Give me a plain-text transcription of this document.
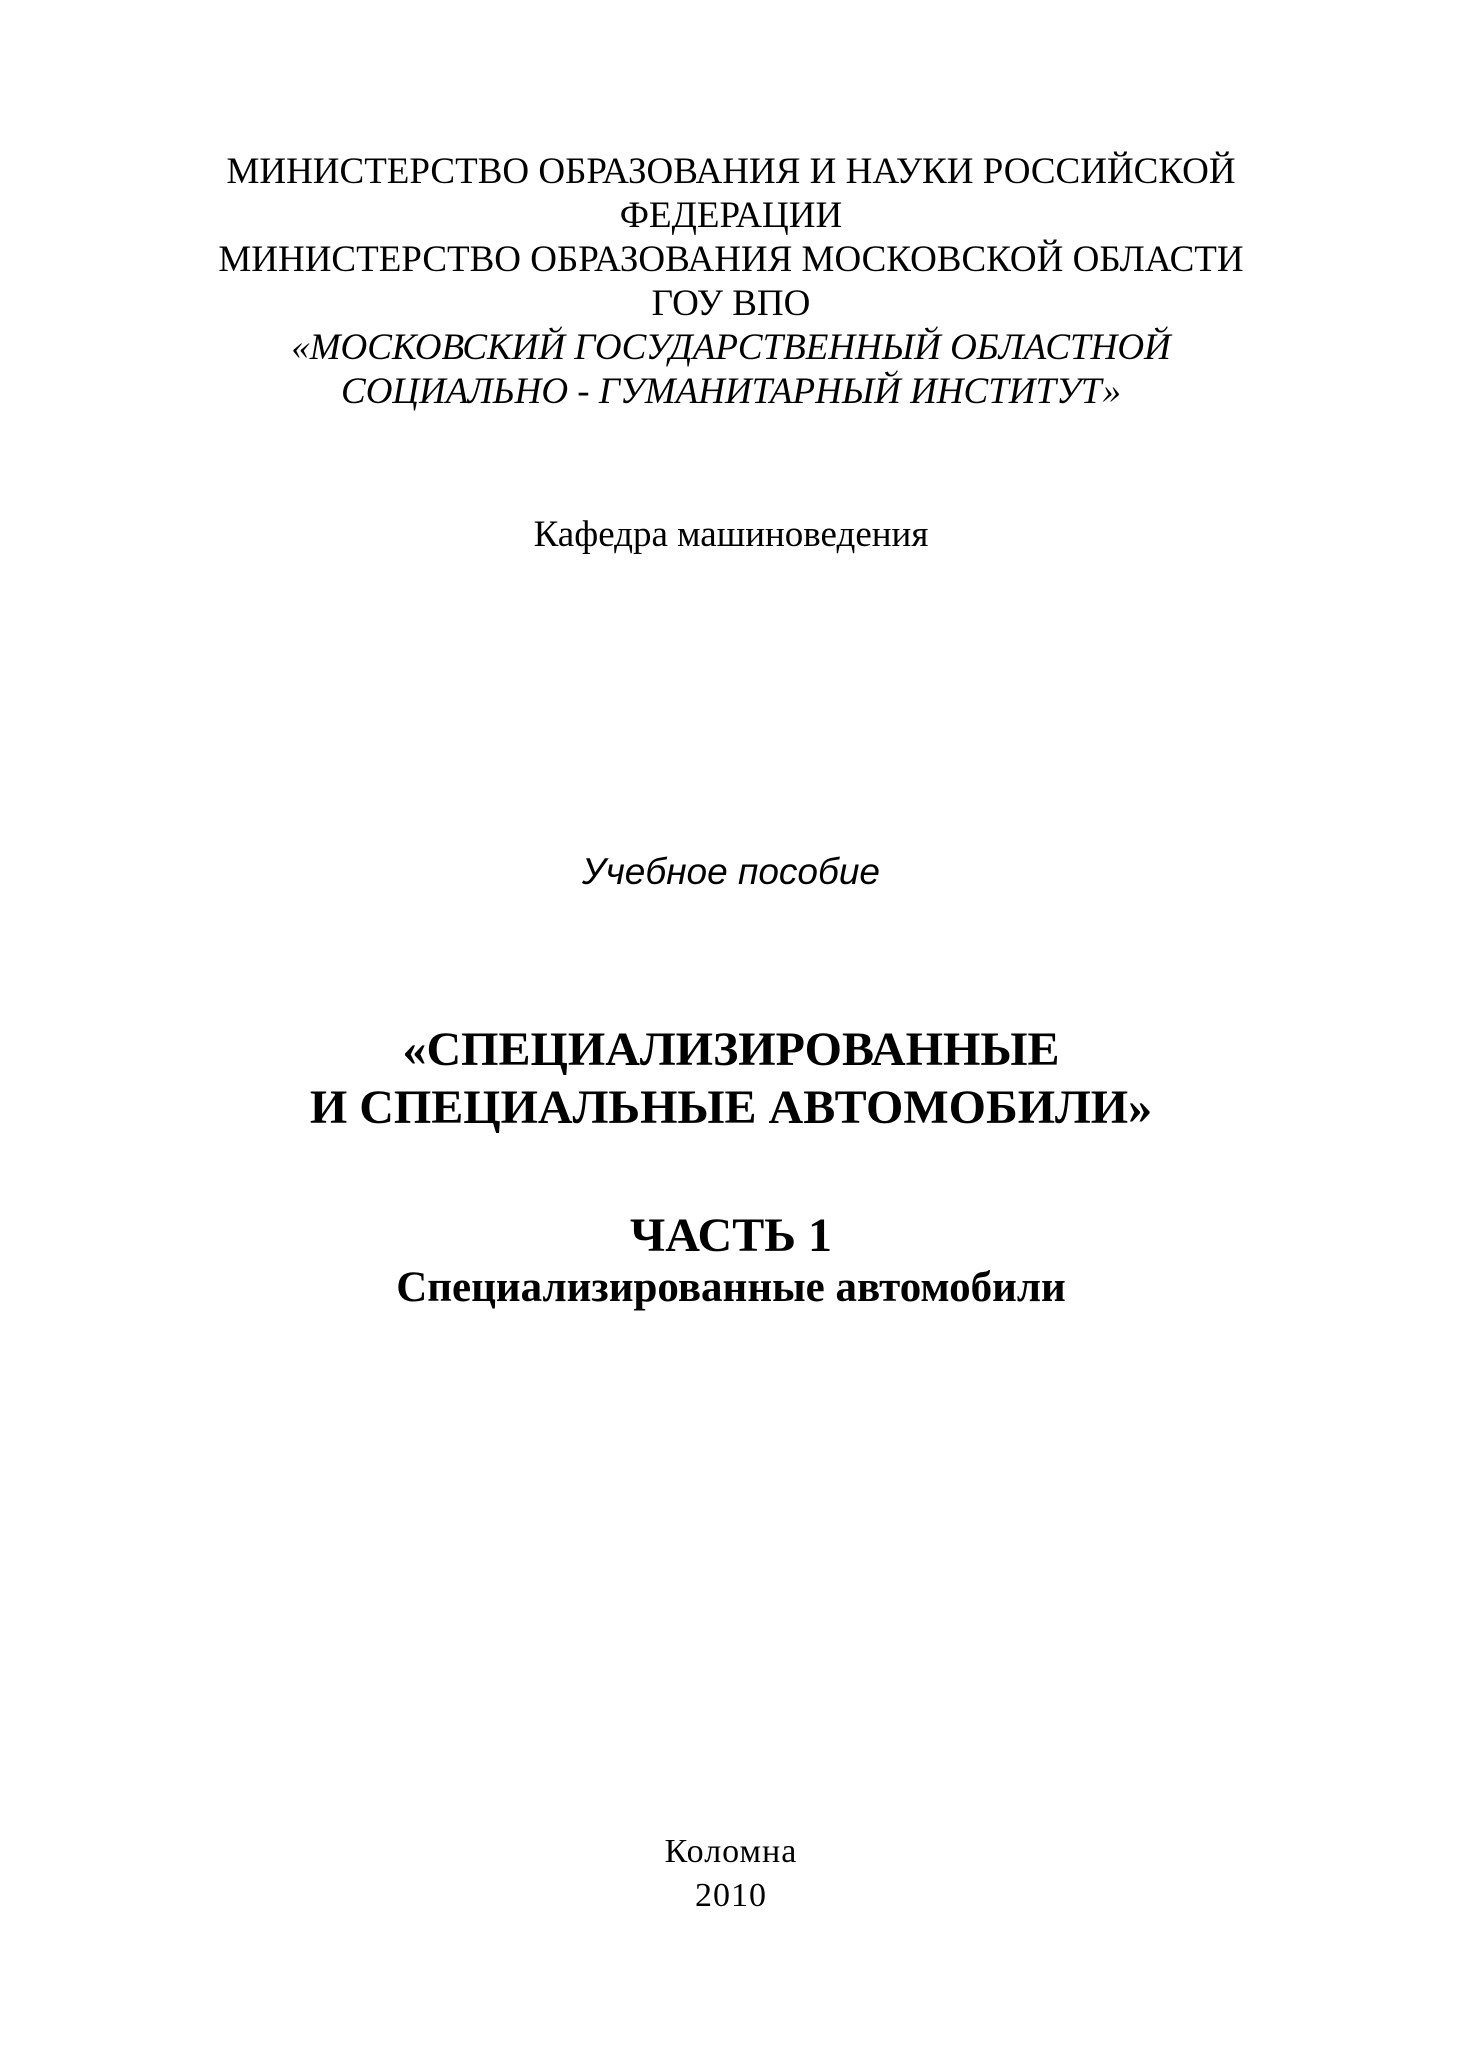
МИНИСТЕРСТВО ОБРАЗОВАНИЯ И НАУКИ РОССИЙСКОЙ
ФЕДЕРАЦИИ
МИНИСТЕРСТВО ОБРАЗОВАНИЯ МОСКОВСКОЙ ОБЛАСТИ
ГОУ ВПО
«МОСКОВСКИЙ ГОСУДАРСТВЕННЫЙ ОБЛАСТНОЙ
СОЦИАЛЬНО - ГУМАНИТАРНЫЙ ИНСТИТУТ»
Кафедра машиноведения
Учебное пособие
«СПЕЦИАЛИЗИРОВАННЫЕ
И СПЕЦИАЛЬНЫЕ АВТОМОБИЛИ»
ЧАСТЬ 1
Специализированные автомобили
Коломна
2010
